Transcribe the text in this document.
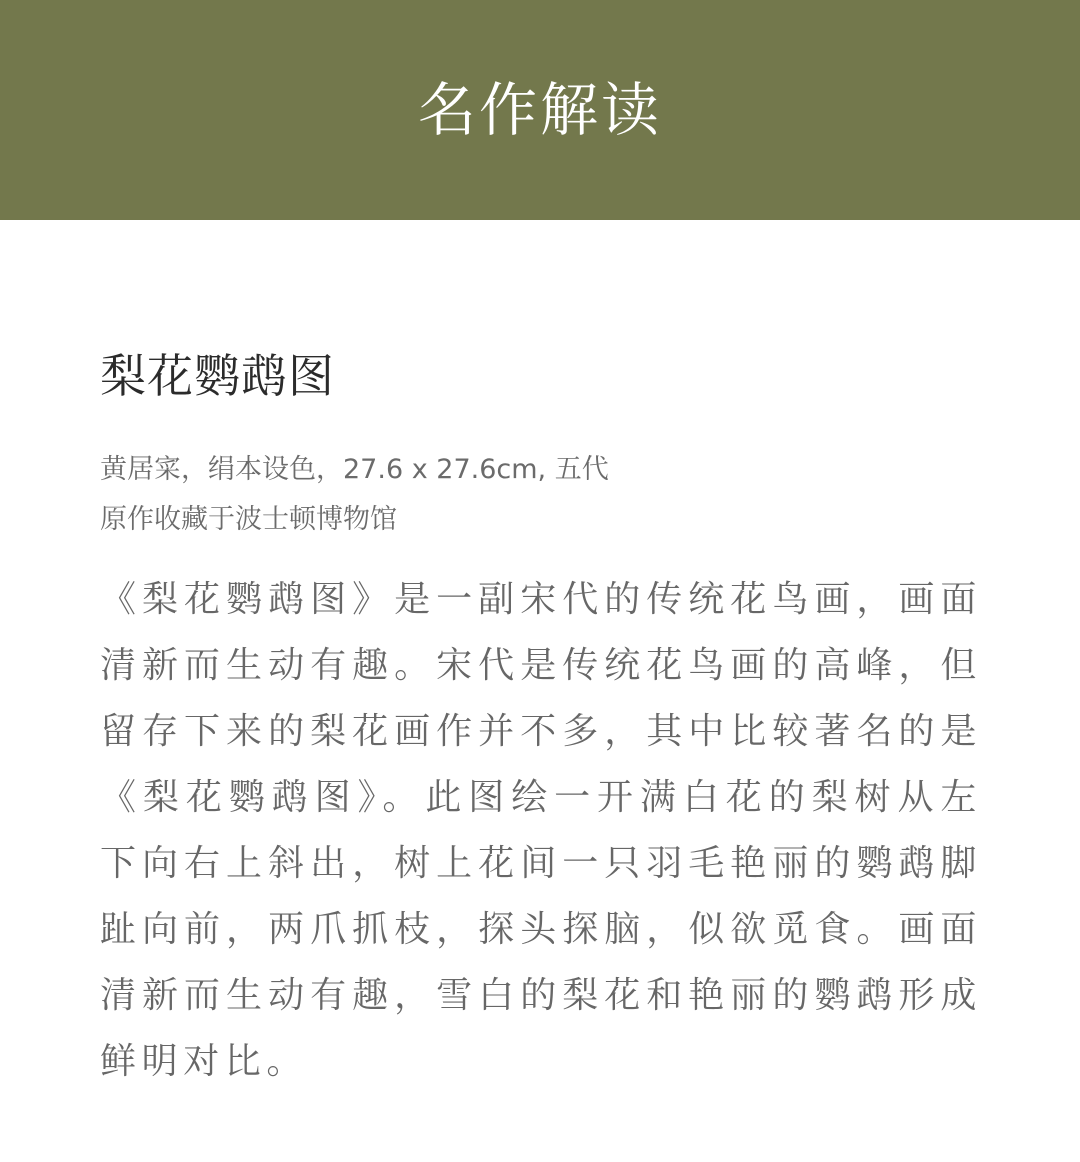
名作解读
梨花鹦鹉图
黄居寀，绢本设色，27.6 x 27.6cm, 五代
原作收藏于波士顿博物馆

《梨花鹦鹉图》是一副宋代的传统花鸟画，画面清新而生动有趣。宋代是传统花鸟画的高峰，但留存下来的梨花画作并不多，其中比较著名的是《梨花鹦鹉图》。此图绘一开满白花的梨树从左下向右上斜出，树上花间一只羽毛艳丽的鹦鹉脚趾向前，两爪抓枝，探头探脑，似欲觅食。画面清新而生动有趣，雪白的梨花和艳丽的鹦鹉形成鲜明对比。
